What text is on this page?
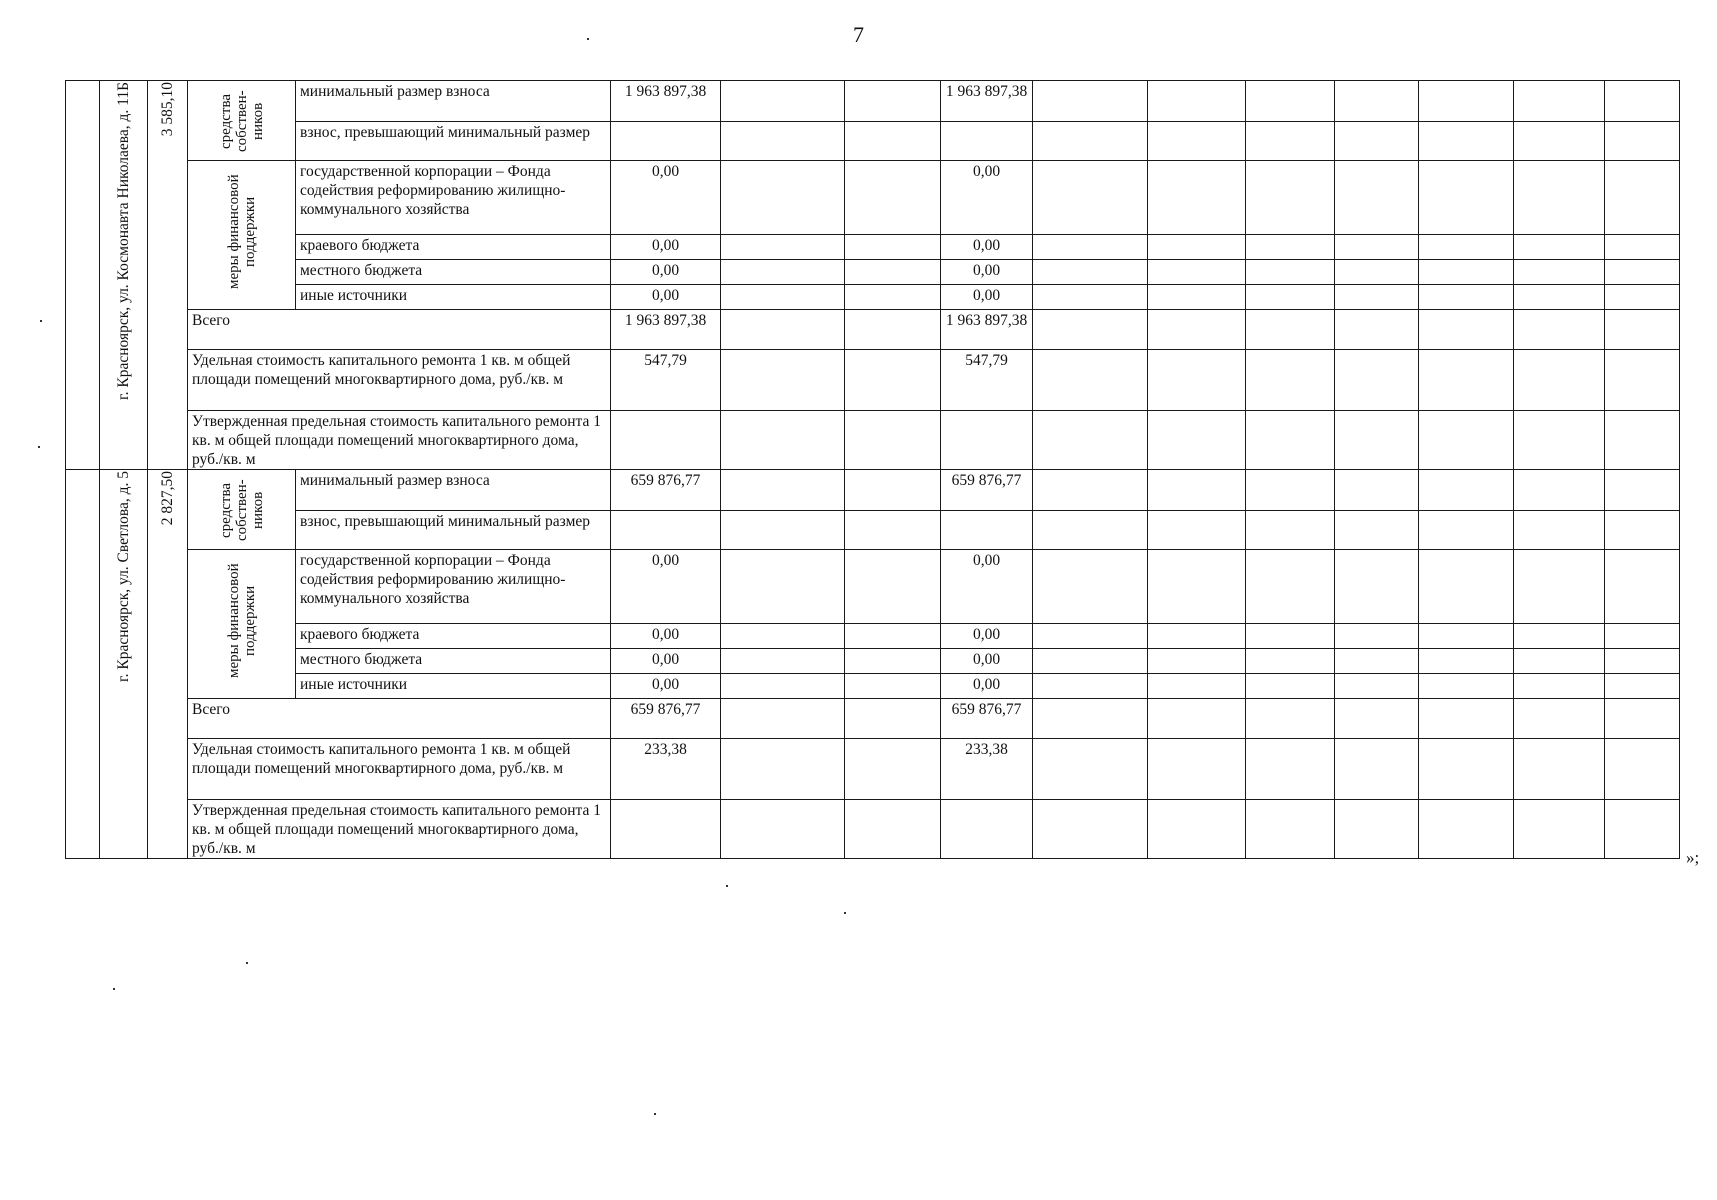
7

	г. Красноярск, ул. Космонавта Николаева, д. 11Б	3 585,10	средства собствен-ников	минимальный размер взноса	1 963 897,38			1 963 897,38							
				взнос, превышающий минимальный размер											

			меры финансовой поддержки	государственной корпорации – Фонда содействия реформированию жилищно-коммунального хозяйства	0,00			0,00							
				краевого бюджета	0,00			0,00							
				местного бюджета	0,00			0,00							
				иные источники	0,00			0,00							
			Всего		1 963 897,38			1 963 897,38							
			Удельная стоимость капитального ремонта 1 кв. м общей площади помещений многоквартирного дома, руб./кв. м		547,79			547,79							
			Утвержденная предельная стоимость капитального ремонта 1 кв. м общей площади помещений многоквартирного дома, руб./кв. м												

	г. Красноярск, ул. Светлова, д. 5	2 827,50	средства собствен-ников	минимальный размер взноса	659 876,77			659 876,77							
				взнос, превышающий минимальный размер											

			меры финансовой поддержки	государственной корпорации – Фонда содействия реформированию жилищно-коммунального хозяйства	0,00			0,00							
				краевого бюджета	0,00			0,00							
				местного бюджета	0,00			0,00							
				иные источники	0,00			0,00							
			Всего		659 876,77			659 876,77							
			Удельная стоимость капитального ремонта 1 кв. м общей площади помещений многоквартирного дома, руб./кв. м		233,38			233,38							
			Утвержденная предельная стоимость капитального ремонта 1 кв. м общей площади помещений многоквартирного дома, руб./кв. м													»;
